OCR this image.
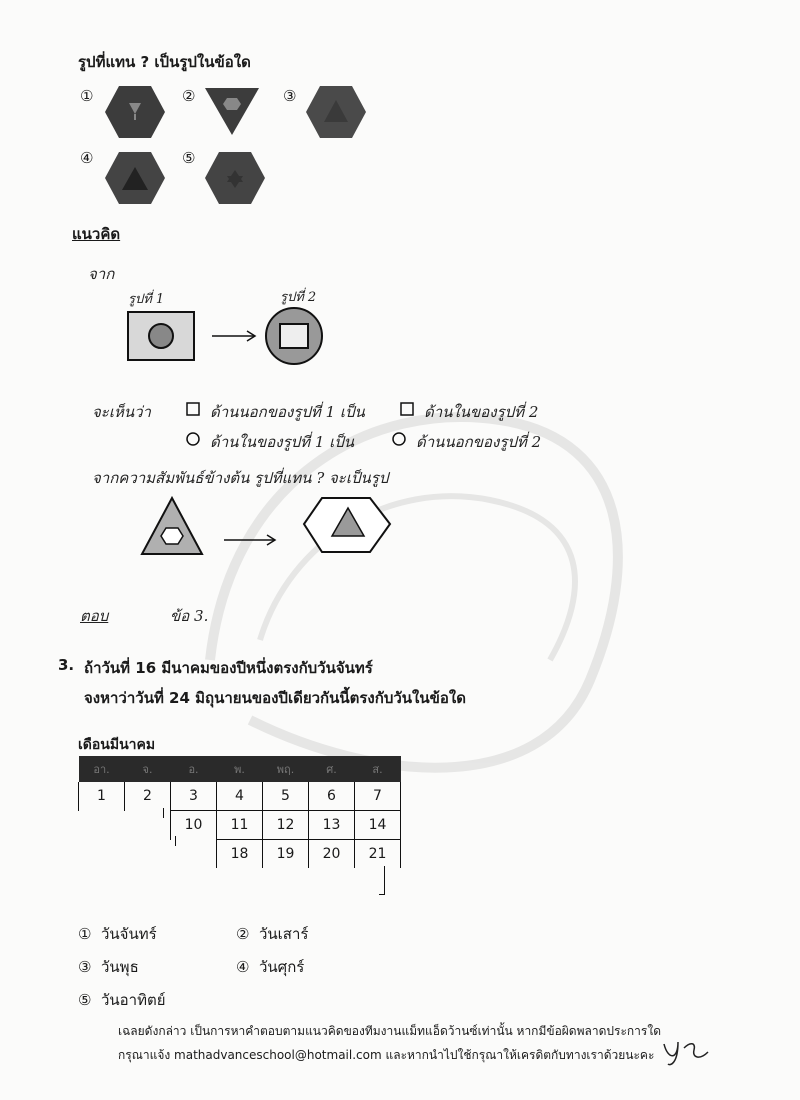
รูปที่แทน ? เป็นรูปในข้อใด
①	②	③
④	⑤
แนวคิด
จาก
รูปที่ 1	รูปที่ 2
จะเห็นว่า	ด้านนอกของรูปที่ 1 เป็น	ด้านในของรูปที่ 2
ด้านในของรูปที่ 1 เป็น	ด้านนอกของรูปที่ 2
จากความสัมพันธ์ข้างต้น รูปที่แทน ? จะเป็นรูป
ตอบ	ข้อ 3.
3. ถ้าวันที่ 16 มีนาคมของปีหนึ่งตรงกับวันจันทร์
จงหาว่าวันที่ 24 มิถุนายนของปีเดียวกันนี้ตรงกับวันในข้อใด
เดือนมีนาคม
อา.	จ.	อ.	พ.	พฤ.	ศ.	ส.
1	2	3	4	5	6	7
		10	11	12	13	14
			18	19	20	21
① วันจันทร์	② วันเสาร์
③ วันพุธ	④ วันศุกร์
⑤ วันอาทิตย์
เฉลยดังกล่าว เป็นการหาคำตอบตามแนวคิดของทีมงานแม็ทแอ็ดว้านซ์เท่านั้น หากมีข้อผิดพลาดประการใด
กรุณาแจ้ง mathadvanceschool@hotmail.com และหากนำไปใช้กรุณาให้เครดิตกับทางเราด้วยนะคะ
